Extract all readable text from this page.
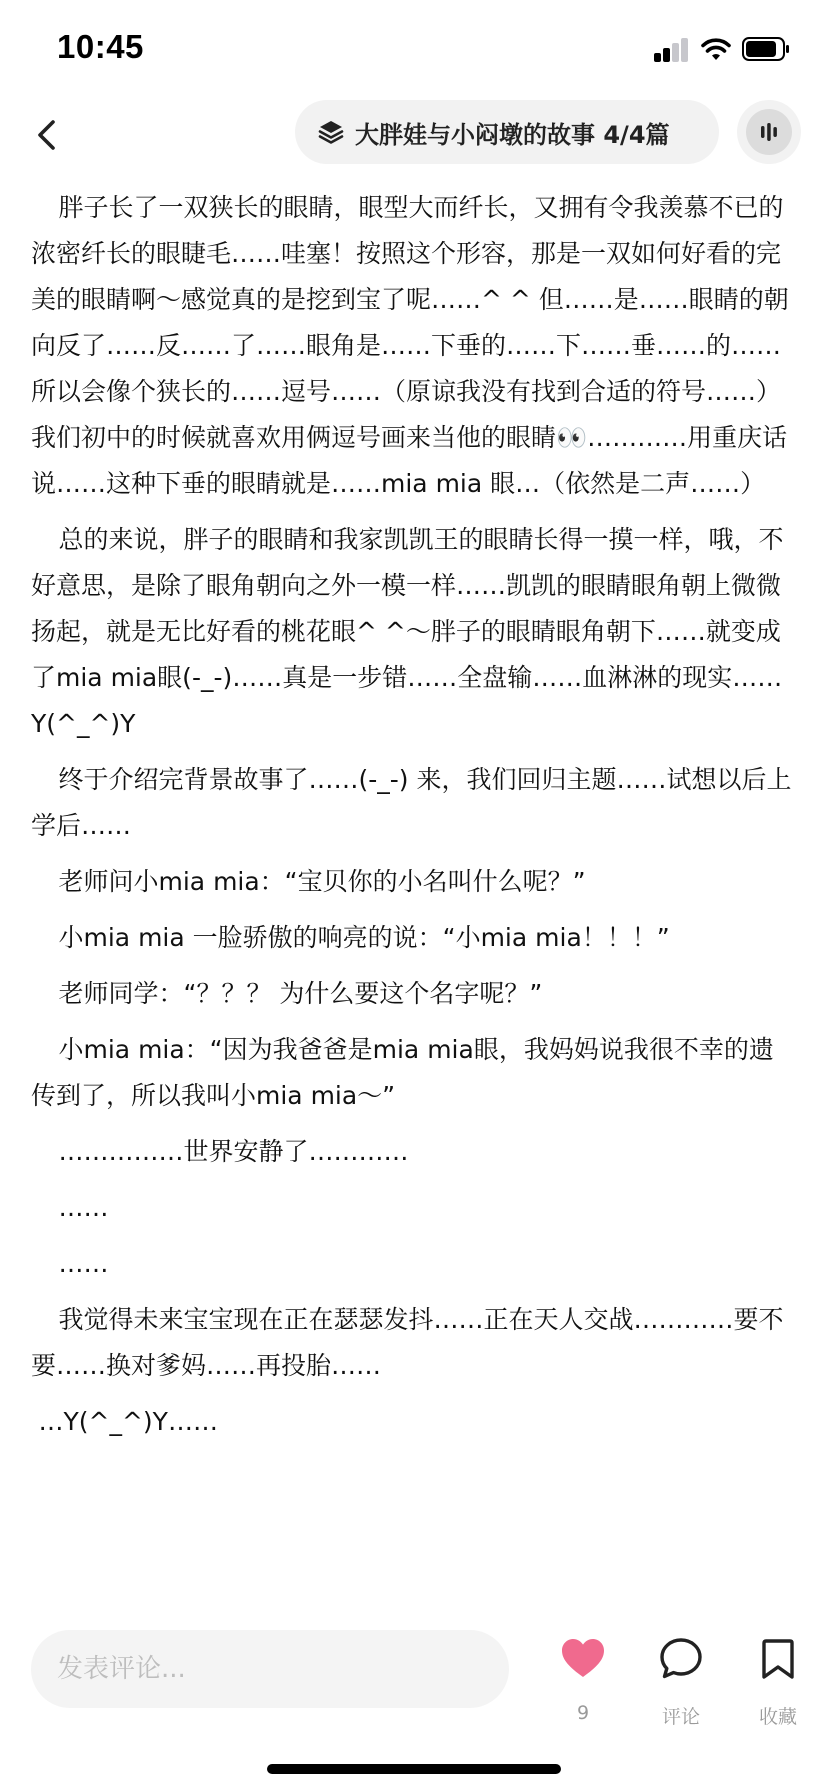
10:45
大胖娃与小闷墩的故事 4/4篇

胖子长了一双狭长的眼睛，眼型大而纤长，又拥有令我羡慕不已的浓密纤长的眼睫毛……哇塞！按照这个形容，那是一双如何好看的完美的眼睛啊～感觉真的是挖到宝了呢……^ ^ 但……是……眼睛的朝向反了……反……了……眼角是……下垂的……下……垂……的……所以会像个狭长的……逗号……（原谅我没有找到合适的符号……）我们初中的时候就喜欢用俩逗号画来当他的眼睛👀…………用重庆话说……这种下垂的眼睛就是……mia mia 眼…（依然是二声……）

总的来说，胖子的眼睛和我家凯凯王的眼睛长得一摸一样，哦，不好意思，是除了眼角朝向之外一模一样……凯凯的眼睛眼角朝上微微扬起，就是无比好看的桃花眼^ ^～胖子的眼睛眼角朝下……就变成了mia mia眼(-_-)……真是一步错……全盘输……血淋淋的现实……Y(^_^)Y

终于介绍完背景故事了……(-_-) 来，我们回归主题……试想以后上学后……

老师问小mia mia：“宝贝你的小名叫什么呢？”

小mia mia 一脸骄傲的响亮的说：“小mia mia！！！”

老师同学：“？？？ 为什么要这个名字呢？”

小mia mia：“因为我爸爸是mia mia眼，我妈妈说我很不幸的遗传到了，所以我叫小mia mia～”

……………世界安静了…………

……

……

我觉得未来宝宝现在正在瑟瑟发抖……正在天人交战…………要不要……换对爹妈……再投胎……

…Y(^_^)Y……

发表评论...
9	评论	收藏
